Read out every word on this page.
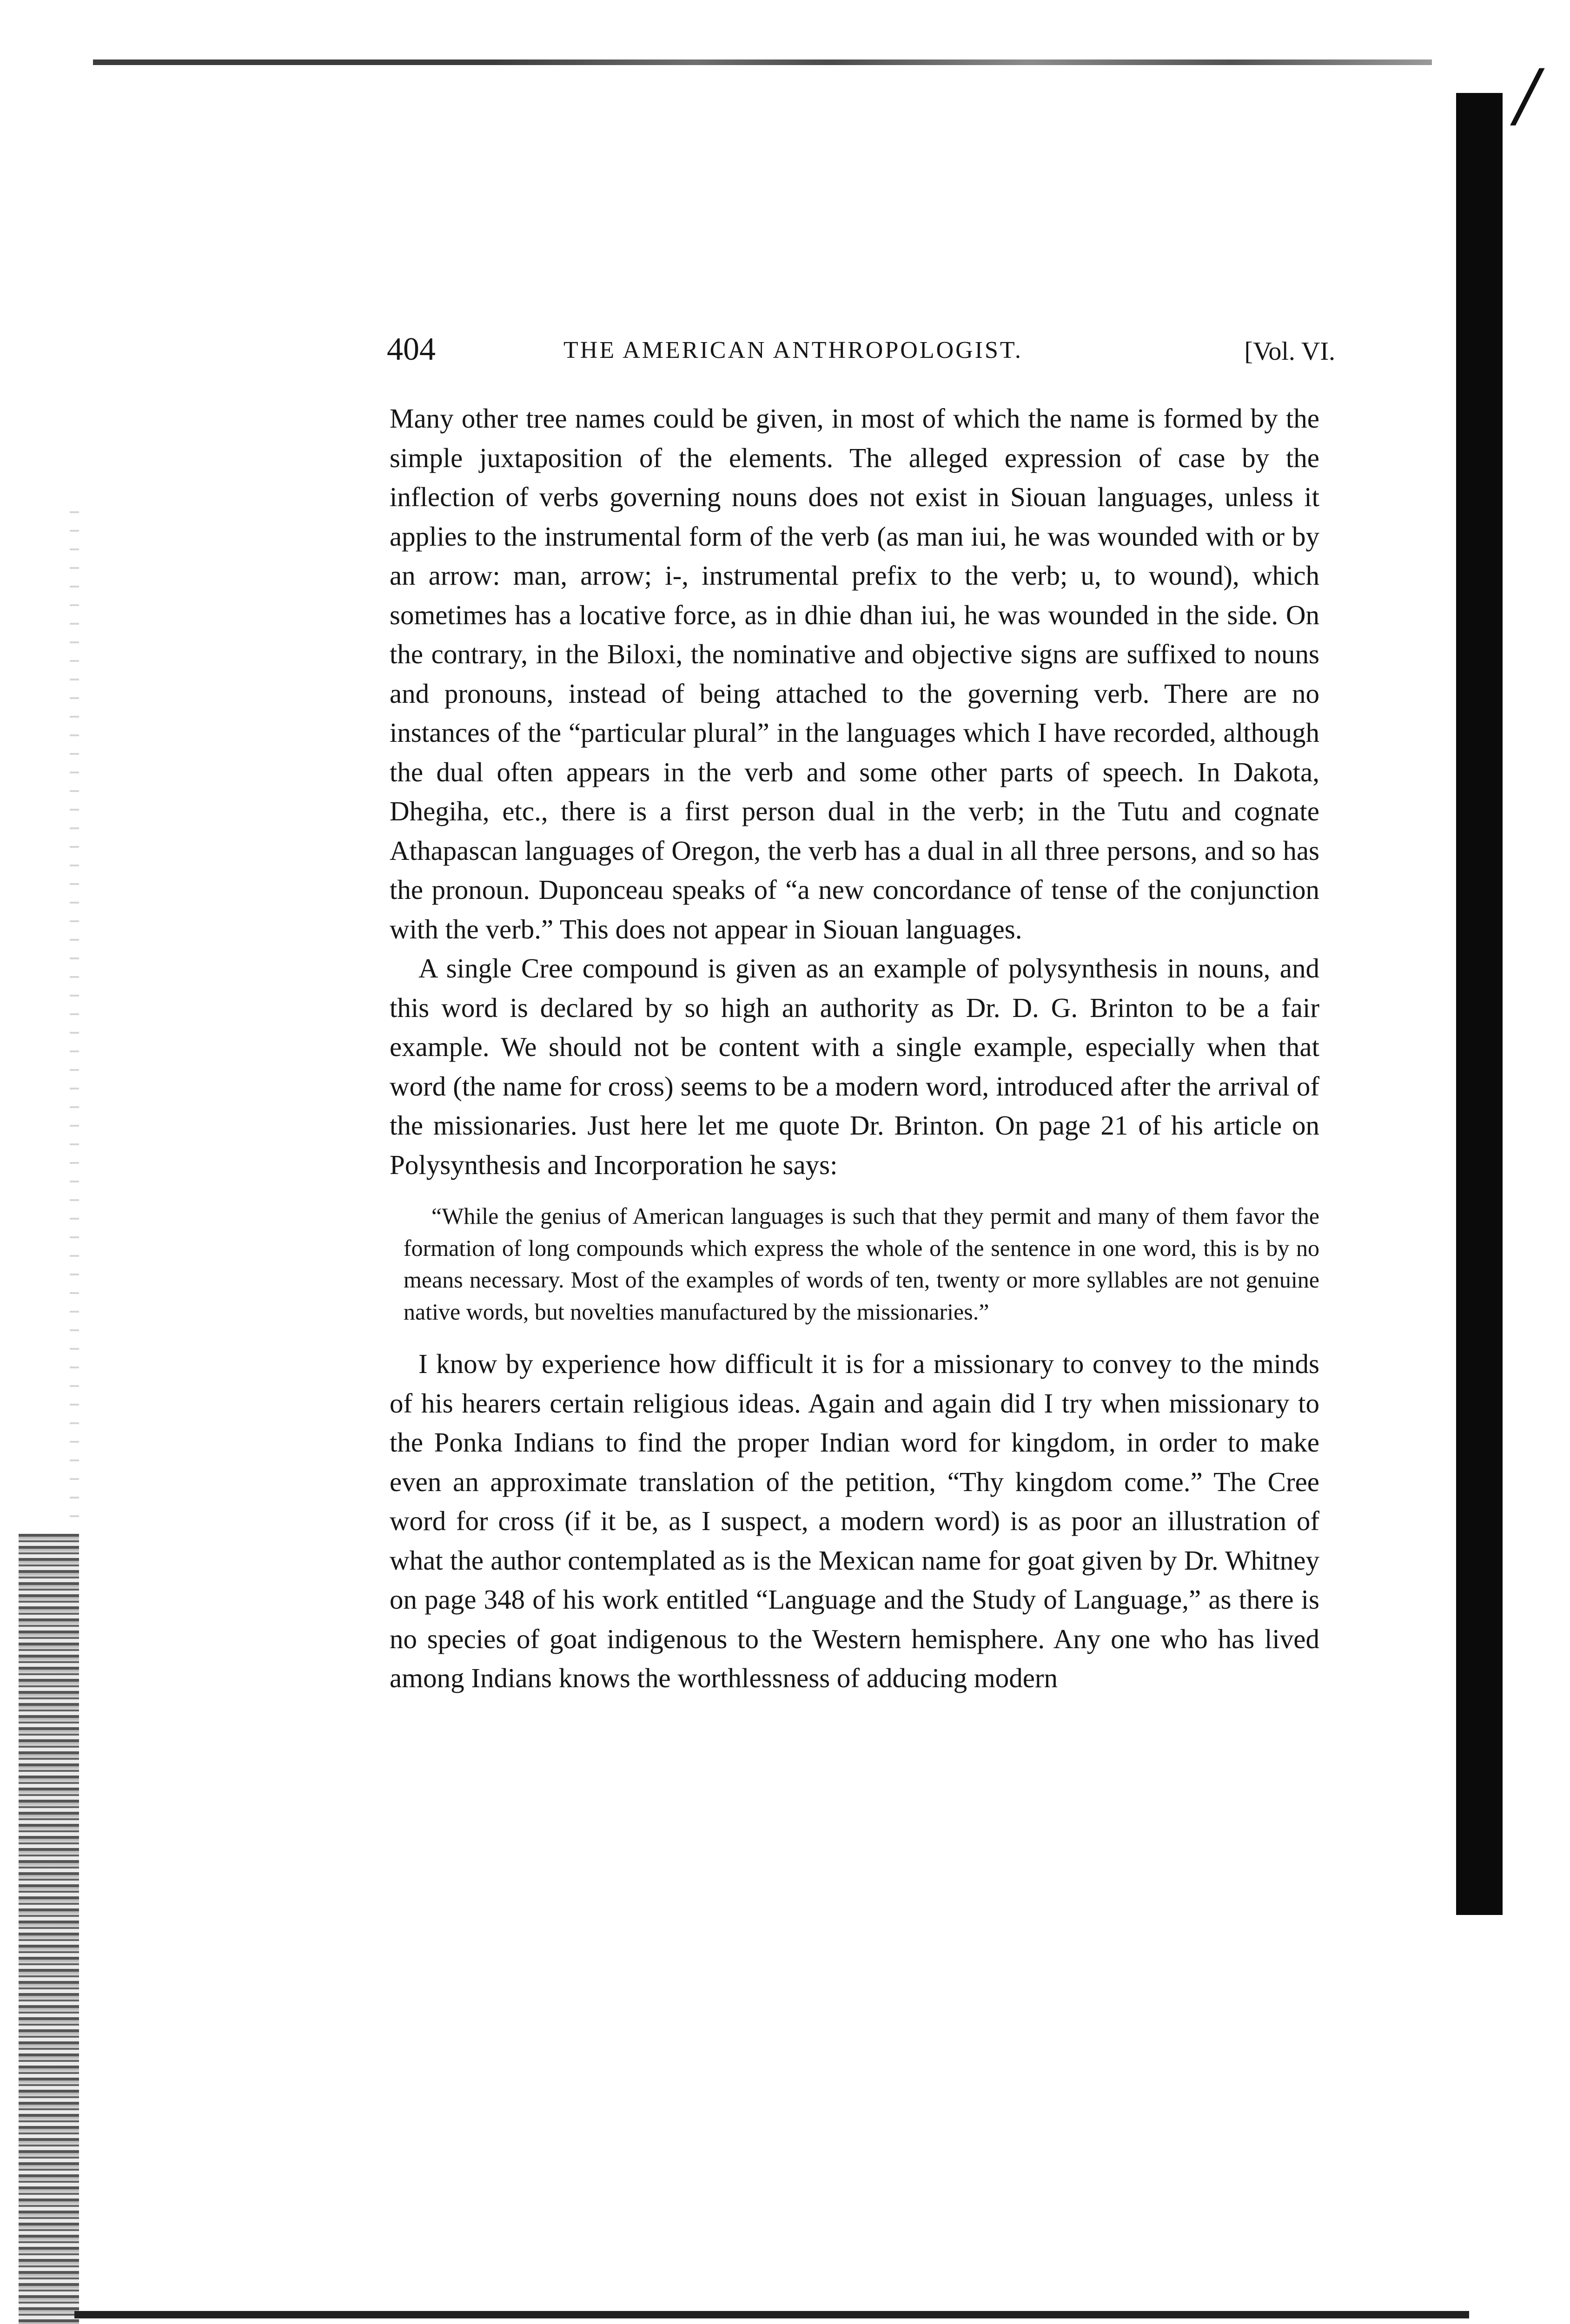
/
404	THE AMERICAN ANTHROPOLOGIST.	[Vol. VI.

Many other tree names could be given, in most of which the name is formed by the simple juxtaposition of the elements. The alleged expression of case by the inflection of verbs governing nouns does not exist in Siouan languages, unless it applies to the instrumental form of the verb (as man iui, he was wounded with or by an arrow: man, arrow; i-, instrumental prefix to the verb; u, to wound), which sometimes has a locative force, as in dhie dhan iui, he was wounded in the side. On the contrary, in the Biloxi, the nominative and objective signs are suffixed to nouns and pronouns, instead of being attached to the governing verb. There are no instances of the “particular plural” in the languages which I have recorded, although the dual often appears in the verb and some other parts of speech. In Dakota, Dhegiha, etc., there is a first person dual in the verb; in the Tutu and cognate Athapascan languages of Oregon, the verb has a dual in all three persons, and so has the pronoun. Duponceau speaks of “a new concordance of tense of the conjunction with the verb.” This does not appear in Siouan languages.

A single Cree compound is given as an example of polysynthesis in nouns, and this word is declared by so high an authority as Dr. D. G. Brinton to be a fair example. We should not be content with a single example, especially when that word (the name for cross) seems to be a modern word, introduced after the arrival of the missionaries. Just here let me quote Dr. Brinton. On page 21 of his article on Polysynthesis and Incorporation he says:

“While the genius of American languages is such that they permit and many of them favor the formation of long compounds which express the whole of the sentence in one word, this is by no means necessary. Most of the examples of words of ten, twenty or more syllables are not genuine native words, but novelties manufactured by the missionaries.”

I know by experience how difficult it is for a missionary to convey to the minds of his hearers certain religious ideas. Again and again did I try when missionary to the Ponka Indians to find the proper Indian word for kingdom, in order to make even an approximate translation of the petition, “Thy kingdom come.” The Cree word for cross (if it be, as I suspect, a modern word) is as poor an illustration of what the author contemplated as is the Mexican name for goat given by Dr. Whitney on page 348 of his work entitled “Language and the Study of Language,” as there is no species of goat indigenous to the Western hemisphere. Any one who has lived among Indians knows the worthlessness of adducing modern
